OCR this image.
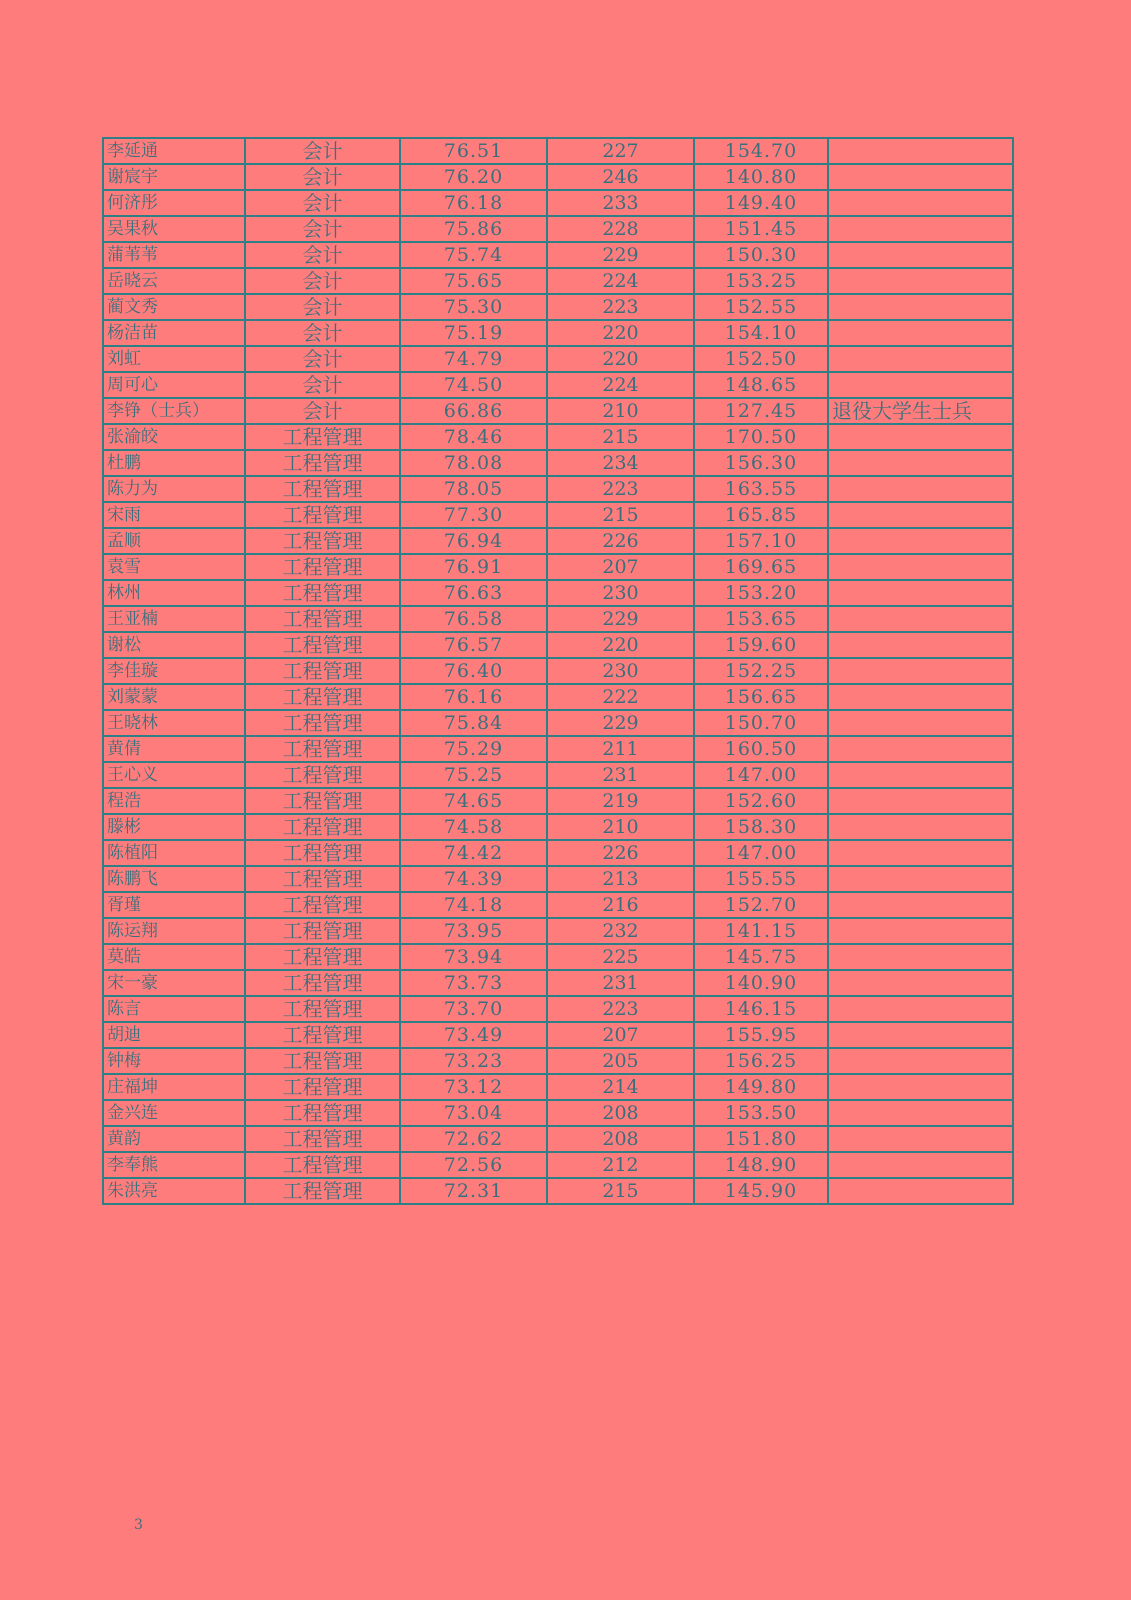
李延通	会计	76.51	227	154.70	
谢宸宇	会计	76.20	246	140.80	
何济彤	会计	76.18	233	149.40	
吴果秋	会计	75.86	228	151.45	
蒲苇苇	会计	75.74	229	150.30	
岳晓云	会计	75.65	224	153.25	
蔺文秀	会计	75.30	223	152.55	
杨洁苗	会计	75.19	220	154.10	
刘虹	会计	74.79	220	152.50	
周可心	会计	74.50	224	148.65	
李铮（士兵）	会计	66.86	210	127.45	退役大学生士兵
张渝皎	工程管理	78.46	215	170.50	
杜鹏	工程管理	78.08	234	156.30	
陈力为	工程管理	78.05	223	163.55	
宋雨	工程管理	77.30	215	165.85	
孟顺	工程管理	76.94	226	157.10	
袁雪	工程管理	76.91	207	169.65	
林州	工程管理	76.63	230	153.20	
王亚楠	工程管理	76.58	229	153.65	
谢松	工程管理	76.57	220	159.60	
李佳璇	工程管理	76.40	230	152.25	
刘蒙蒙	工程管理	76.16	222	156.65	
王晓林	工程管理	75.84	229	150.70	
黄倩	工程管理	75.29	211	160.50	
王心义	工程管理	75.25	231	147.00	
程浩	工程管理	74.65	219	152.60	
滕彬	工程管理	74.58	210	158.30	
陈植阳	工程管理	74.42	226	147.00	
陈鹏飞	工程管理	74.39	213	155.55	
胥瑾	工程管理	74.18	216	152.70	
陈运翔	工程管理	73.95	232	141.15	
莫皓	工程管理	73.94	225	145.75	
宋一豪	工程管理	73.73	231	140.90	
陈言	工程管理	73.70	223	146.15	
胡迪	工程管理	73.49	207	155.95	
钟梅	工程管理	73.23	205	156.25	
庄福坤	工程管理	73.12	214	149.80	
金兴连	工程管理	73.04	208	153.50	
黄韵	工程管理	72.62	208	151.80	
李奉熊	工程管理	72.56	212	148.90	
朱洪亮	工程管理	72.31	215	145.90	
3
